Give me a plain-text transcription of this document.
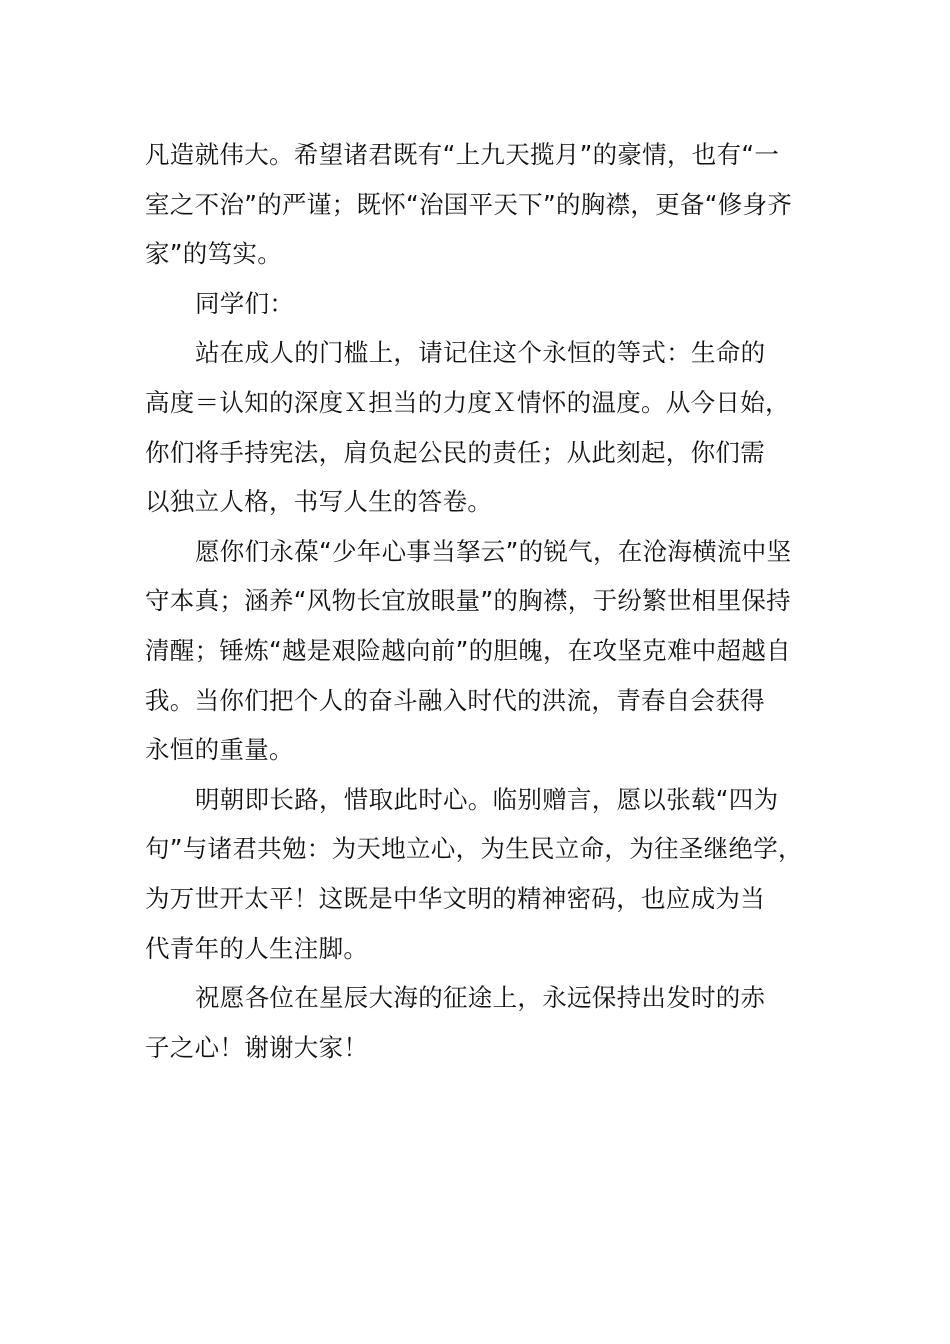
凡造就伟大。希望诸君既有“上九天揽月”的豪情，也有“一
室之不治”的严谨；既怀“治国平天下”的胸襟，更备“修身齐
家”的笃实。

同学们：

站在成人的门槛上，请记住这个永恒的等式：生命的
高度＝认知的深度Ｘ担当的力度Ｘ情怀的温度。从今日始，
你们将手持宪法，肩负起公民的责任；从此刻起，你们需
以独立人格，书写人生的答卷。

愿你们永葆“少年心事当拏云”的锐气，在沧海横流中坚
守本真；涵养“风物长宜放眼量”的胸襟，于纷繁世相里保持
清醒；锤炼“越是艰险越向前”的胆魄，在攻坚克难中超越自
我。当你们把个人的奋斗融入时代的洪流，青春自会获得
永恒的重量。

明朝即长路，惜取此时心。临别赠言，愿以张载“四为
句”与诸君共勉：为天地立心，为生民立命，为往圣继绝学，
为万世开太平！这既是中华文明的精神密码，也应成为当
代青年的人生注脚。

祝愿各位在星辰大海的征途上，永远保持出发时的赤
子之心！谢谢大家！
